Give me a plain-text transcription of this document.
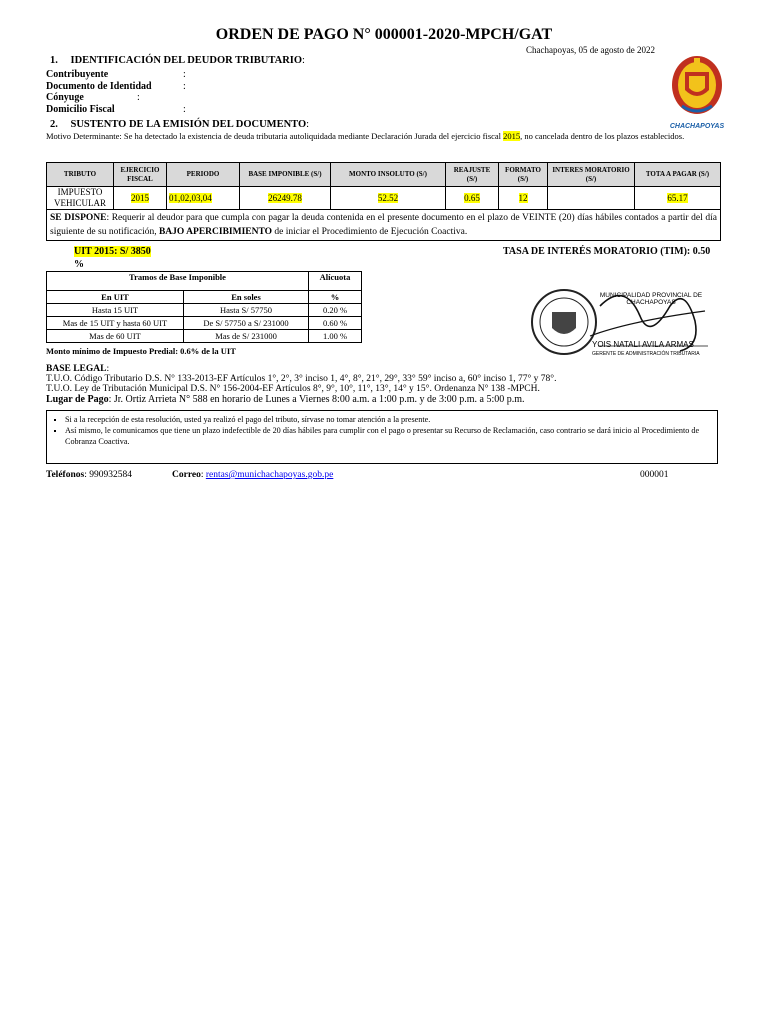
ORDEN DE PAGO N° 000001-2020-MPCH/GAT
Chachapoyas, 05 de agosto de 2022
CHACHAPOYAS
1. IDENTIFICACIÓN DEL DEUDOR TRIBUTARIO:
Contribuyente	:
Documento de Identidad	:
Cónyuge	:
Domicilio Fiscal	:
2. SUSTENTO DE LA EMISIÓN DEL DOCUMENTO:
Motivo Determinante: Se ha detectado la existencia de deuda tributaria autoliquidada mediante Declaración Jurada del ejercicio fiscal 2015, no cancelada dentro de los plazos establecidos.
TRIBUTO	EJERCICIO FISCAL	PERIODO	BASE IMPONIBLE (S/)	MONTO INSOLUTO (S/)	REAJUSTE (S/)	FORMATO (S/)	INTERES MORATORIO (S/)	TOTA A PAGAR (S/)
IMPUESTO VEHICULAR	2015	01,02,03,04	26249.78	52.52	0.65	12		65.17
SE DISPONE: Requerir al deudor para que cumpla con pagar la deuda contenida en el presente documento en el plazo de VEINTE (20) días hábiles contados a partir del día siguiente de su notificación, BAJO APERCIBIMIENTO de iniciar el Procedimiento de Ejecución Coactiva.								
UIT 2015: S/ 3850
%
TASA DE INTERÉS MORATORIO (TIM): 0.50
Tramos de Base Imponible		Alícuota
En UIT	En soles	%
Hasta 15 UIT	Hasta S/ 57750	0.20 %
Mas de 15 UIT y hasta 60 UIT	De S/ 57750 a S/ 231000	0.60 %
Mas de 60 UIT	Mas de S/ 231000	1.00 %
Monto mínimo de Impuesto Predial: 0.6% de la UIT
MUNICIPALIDAD PROVINCIAL DE CHACHAPOYAS
YOIS NATALI AVILA ARMAS
GERENTE DE ADMINISTRACIÓN TRIBUTARIA
BASE LEGAL:
T.U.O. Código Tributario D.S. N° 133-2013-EF Artículos 1°, 2°, 3° inciso 1, 4°, 8°, 21°, 29°, 33° 59° inciso a, 60° inciso 1, 77° y 78°.
T.U.O. Ley de Tributación Municipal D.S. N° 156-2004-EF Artículos 8°, 9°, 10°, 11°, 13°, 14° y 15°. Ordenanza N° 138 -MPCH.
Lugar de Pago: Jr. Ortiz Arrieta N° 588 en horario de Lunes a Viernes 8:00 a.m. a 1:00 p.m. y de 3:00 p.m. a 5:00 p.m.
▪ Si a la recepción de esta resolución, usted ya realizó el pago del tributo, sírvase no tomar atención a la presente.
▪ Así mismo, le comunicamos que tiene un plazo indefectible de 20 días hábiles para cumplir con el pago o presentar su Recurso de Reclamación, caso contrario se dará inicio al Procedimiento de Cobranza Coactiva.
Teléfonos: 990932584	Correo: rentas@munichachapoyas.gob.pe	000001
